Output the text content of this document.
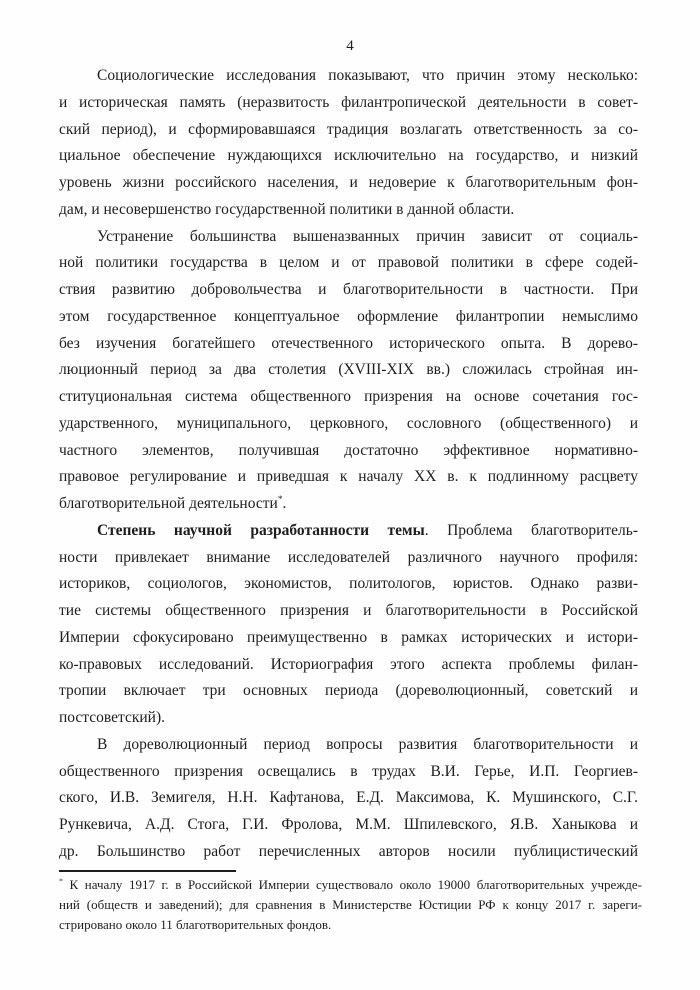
4
Социологические исследования показывают, что причин этому несколько:
и историческая память (неразвитость филантропической деятельности в совет-
ский период), и сформировавшаяся традиция возлагать ответственность за со-
циальное обеспечение нуждающихся исключительно на государство, и низкий
уровень жизни российского населения, и недоверие к благотворительным фон-
дам, и несовершенство государственной политики в данной области.
Устранение большинства вышеназванных причин зависит от социаль-
ной политики государства в целом и от правовой политики в сфере содей-
ствия развитию добровольчества и благотворительности в частности. При
этом государственное концептуальное оформление филантропии немыслимо
без изучения богатейшего отечественного исторического опыта. В дорево-
люционный период за два столетия (XVIII-XIX вв.) сложилась стройная ин-
ституциональная система общественного призрения на основе сочетания гос-
ударственного, муниципального, церковного, сословного (общественного) и
частного элементов, получившая достаточно эффективное нормативно-
правовое регулирование и приведшая к началу XX в. к подлинному расцвету
благотворительной деятельности*.
Степень научной разработанности темы. Проблема благотворитель-
ности привлекает внимание исследователей различного научного профиля:
историков, социологов, экономистов, политологов, юристов. Однако разви-
тие системы общественного призрения и благотворительности в Российской
Империи сфокусировано преимущественно в рамках исторических и истори-
ко-правовых исследований. Историография этого аспекта проблемы филан-
тропии включает три основных периода (дореволюционный, советский и
постсоветский).
В дореволюционный период вопросы развития благотворительности и
общественного призрения освещались в трудах В.И. Герье, И.П. Георгиев-
ского, И.В. Земигеля, Н.Н. Кафтанова, Е.Д. Максимова, К. Мушинского, С.Г.
Рункевича, А.Д. Стога, Г.И. Фролова, М.М. Шпилевского, Я.В. Ханыкова и
др. Большинство работ перечисленных авторов носили публицистический
* К началу 1917 г. в Российской Империи существовало около 19000 благотворительных учрежде-
ний (обществ и заведений); для сравнения в Министерстве Юстиции РФ к концу 2017 г. зареги-
стрировано около 11 благотворительных фондов.
